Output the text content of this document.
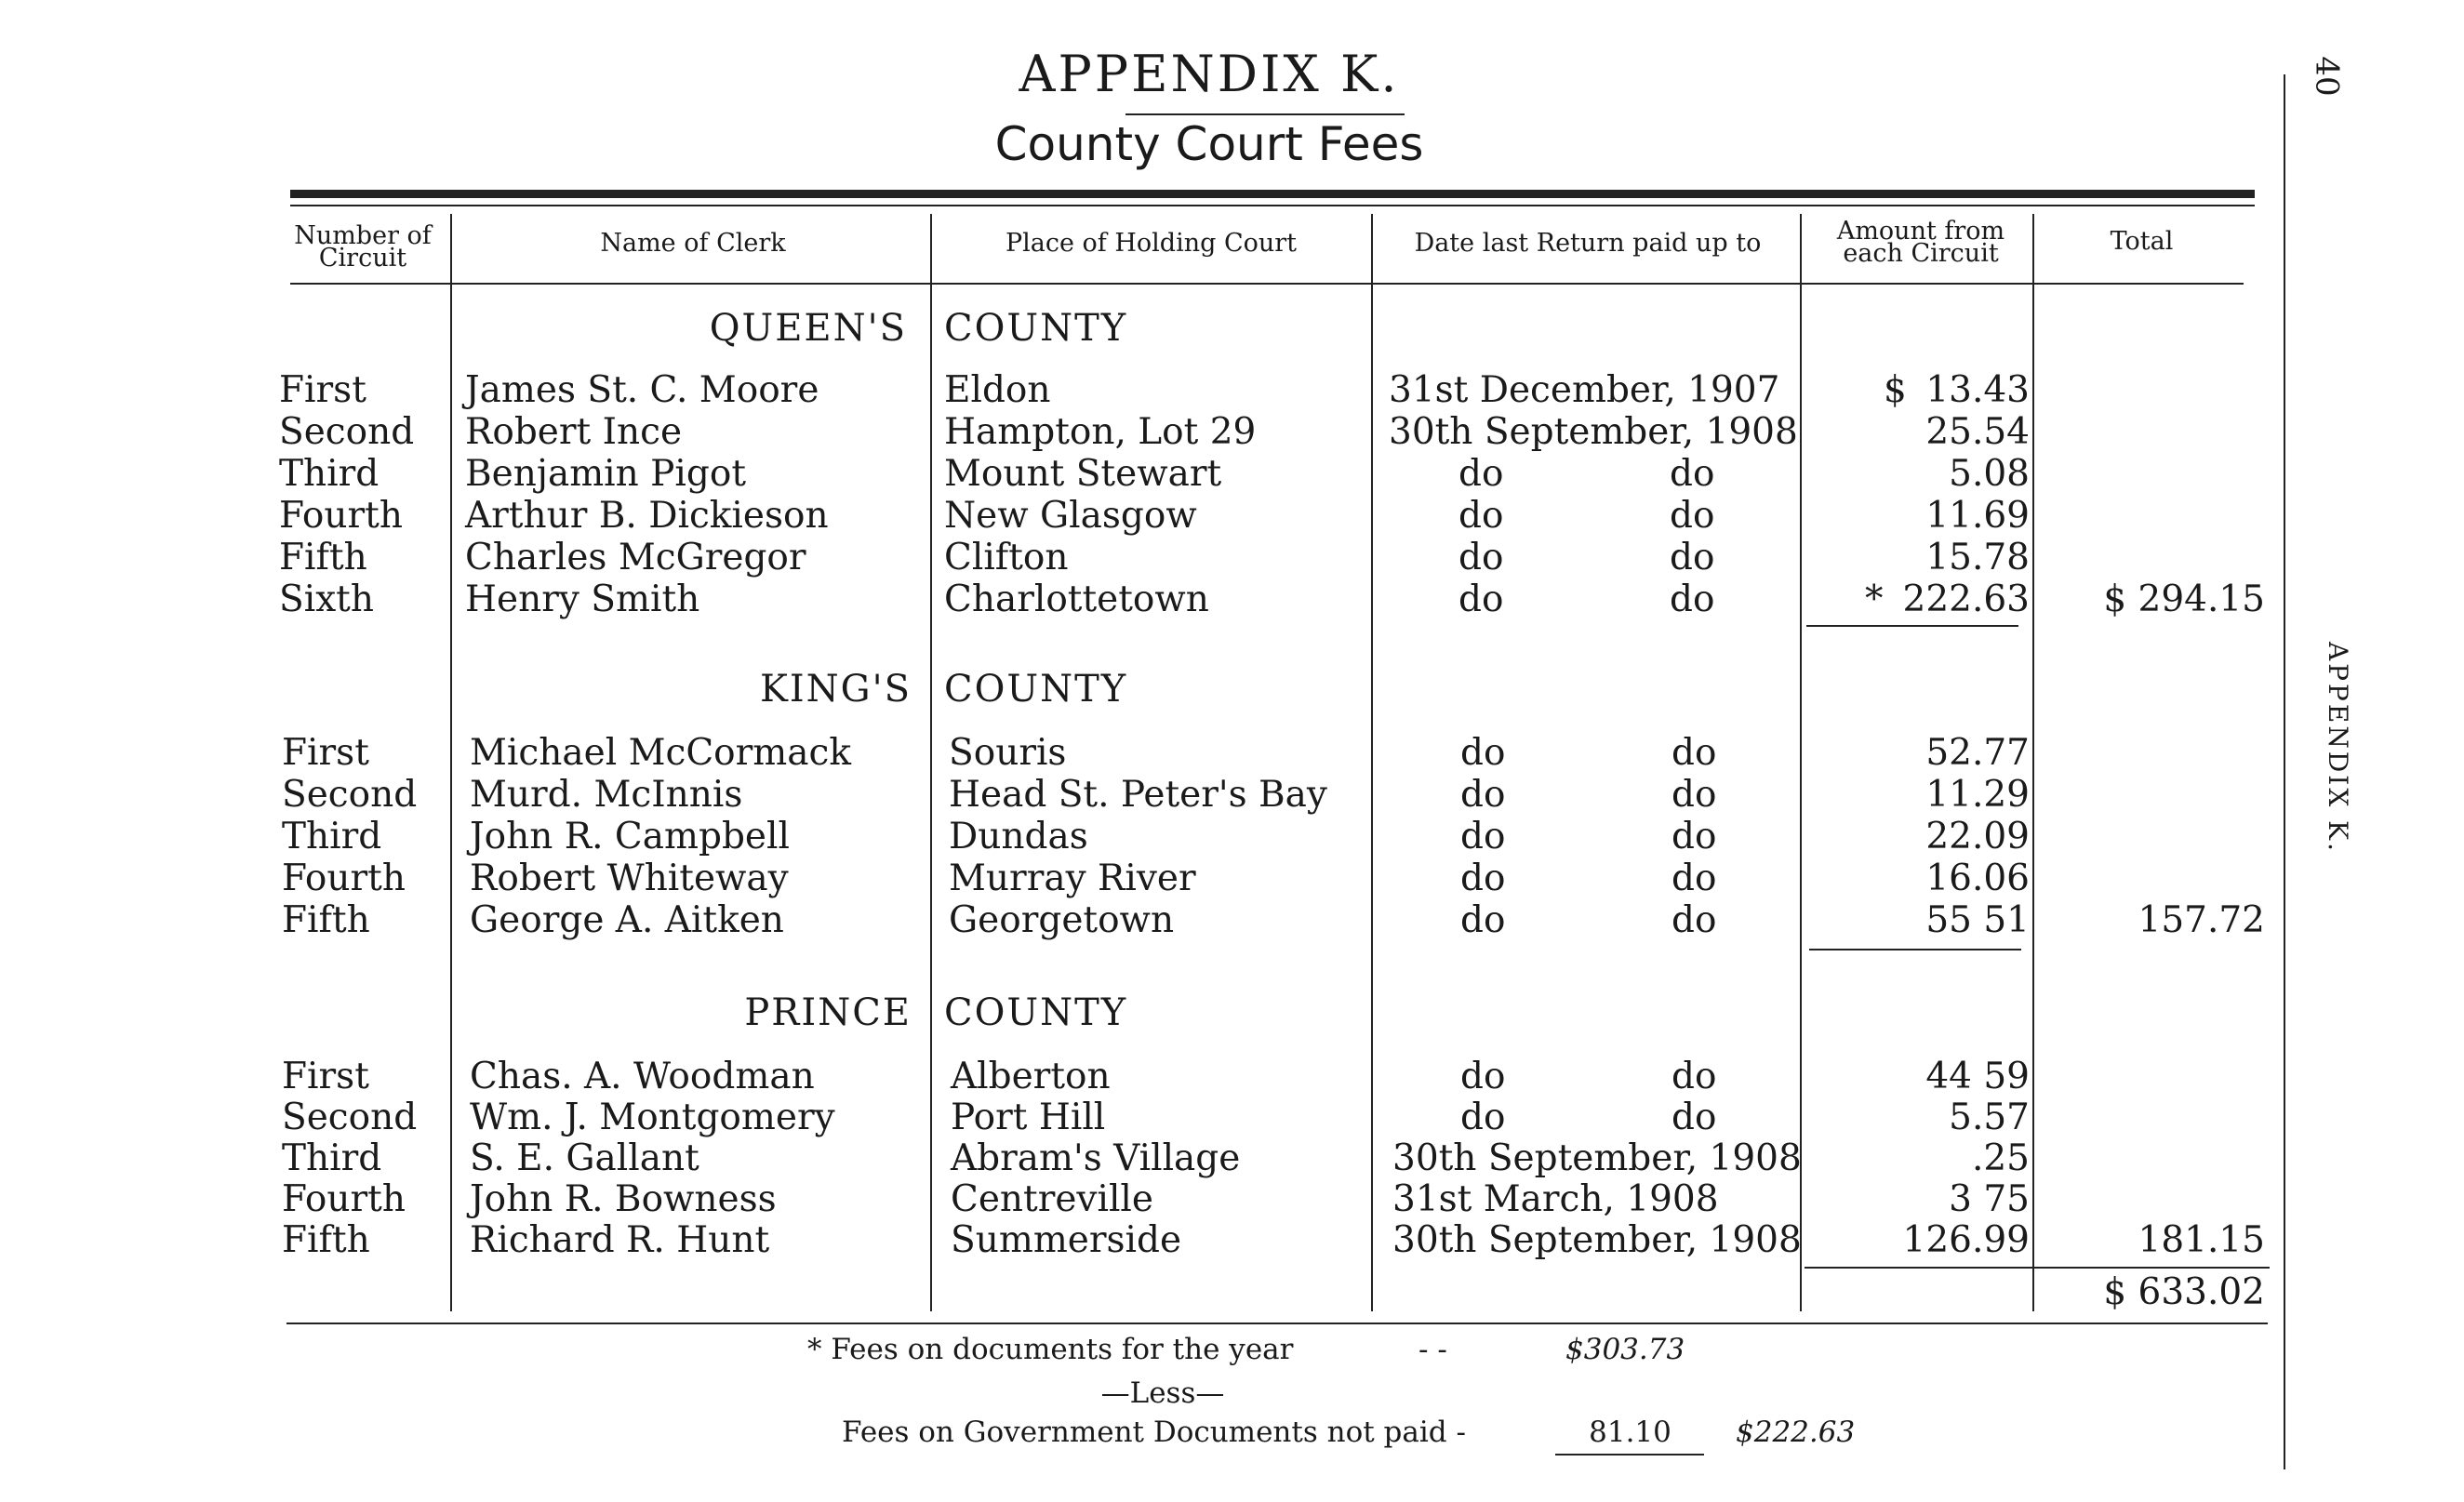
APPENDIX K.
County Court Fees
40
APPENDIX K.
Number of Circuit
Name of Clerk	Place of Holding Court	Date last Return paid up to	Amount from each Circuit	Total
QUEEN'S COUNTY
First	James St. C. Moore	Eldon	31st December, 1907	$ 13.43
Second Robert Ince	Hampton, Lot 29	30th September, 1908	25.54
Third Benjamin Pigot	Mount Stewart	do	do	5.08
Fourth Arthur B. Dickieson	New Glasgow	do	do	11.69
Fifth	Charles McGregor	Clifton	do	do	15.78
Sixth	Henry Smith	Charlottetown	do	do	* 222.63	$ 294.15
KING'S COUNTY
First	Michael McCormack	Souris	do	do	52.77
Second Murd. McInnis	Head St. Peter's Bay	do	do	11.29
Third John R. Campbell	Dundas	do	do	22.09
Fourth Robert Whiteway	Murray River	do	do	16.06
Fifth	George A. Aitken	Georgetown	do	do	55 51	157.72
PRINCE COUNTY
First	Chas. A. Woodman	Alberton	do	do	44 59
Second Wm. J. Montgomery	Port Hill	do	do	5.57
Third S. E. Gallant	Abram's Village	30th September, 1908	.25
Fourth John R. Bowness	Centreville	31st March, 1908	3 75
Fifth	Richard R. Hunt	Summerside	30th September, 1908	126.99	181.15
$ 633.02
* Fees on documents for the year	- -	$303.73
—Less—
Fees on Government Documents not paid -	81.10	$222.63
